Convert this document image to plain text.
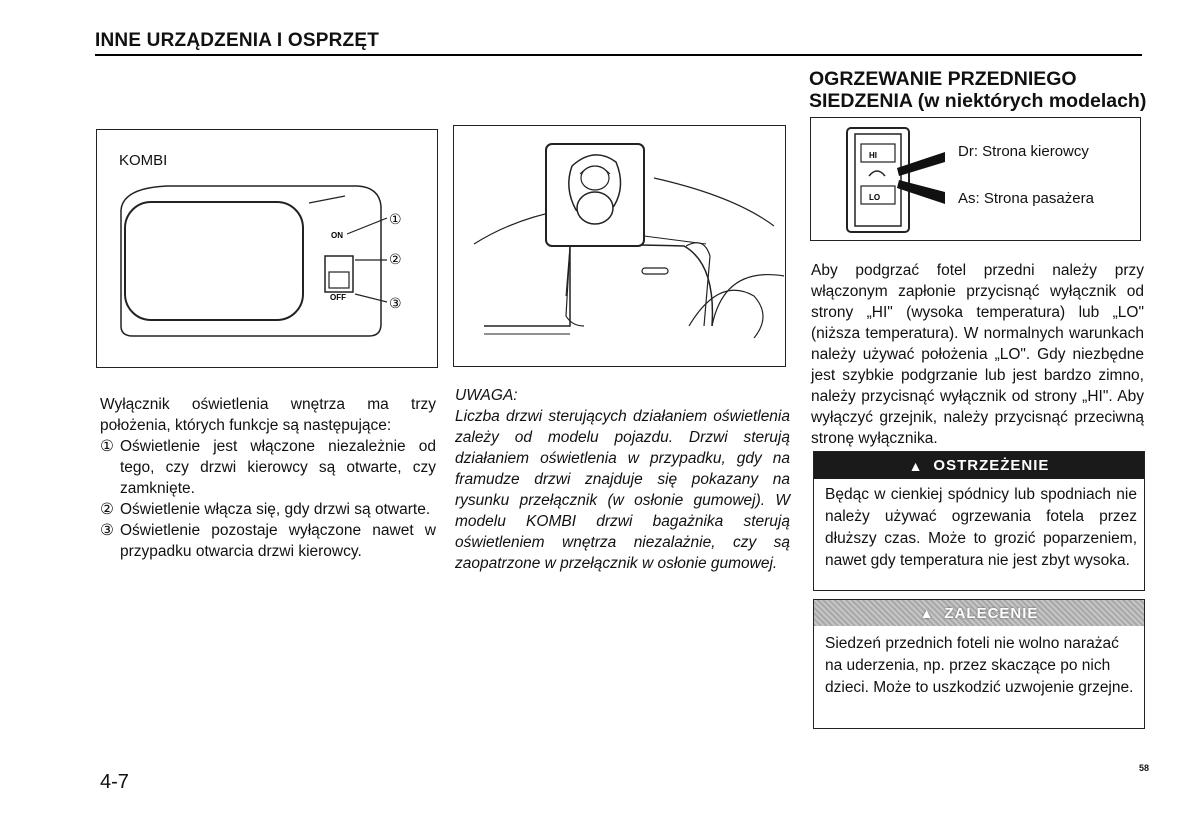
INNE URZĄDZENIA I OSPRZĘT
KOMBI
ON
OFF
①
②
③
Wyłącznik oświetlenia wnętrza ma trzy położenia, których funkcje są następujące:
① Oświetlenie jest włączone niezależnie od tego, czy drzwi kierowcy są otwarte, czy zamknięte.
② Oświetlenie włącza się, gdy drzwi są otwarte.
③ Oświetlenie pozostaje wyłączone nawet w przypadku otwarcia drzwi kierowcy.
UWAGA:
Liczba drzwi sterujących działaniem oświetlenia zależy od modelu pojazdu. Drzwi sterują działaniem oświetlenia w przypadku, gdy na framudze drzwi znajduje się pokazany na rysunku przełącznik (w osłonie gumowej). W modelu KOMBI drzwi bagażnika sterują oświetleniem wnętrza niezalażnie, czy są zaopatrzone w przełącznik w osłonie gumowej.
OGRZEWANIE PRZEDNIEGO
SIEDZENIA (w niektórych modelach)
HI
LO
Dr: Strona kierowcy
As: Strona pasażera
Aby podgrzać fotel przedni należy przy włączonym zapłonie przycisnąć wyłącznik od strony „HI" (wysoka temperatura) lub „LO" (niższa temperatura). W normalnych warunkach należy używać położenia „LO". Gdy niezbędne jest szybkie podgrzanie lub jest bardzo zimno, należy przycisnąć wyłącznik od strony „HI". Aby wyłączyć grzejnik, należy przycisnąć przeciwną stronę wyłącznika.
▲ OSTRZEŻENIE
Będąc w cienkiej spódnicy lub spodniach nie należy używać ogrzewania fotela przez dłuższy czas. Może to grozić poparzeniem, nawet gdy temperatura nie jest zbyt wysoka.
▲ ZALECENIE
Siedzeń przednich foteli nie wolno narażać na uderzenia, np. przez skaczące po nich dzieci. Może to uszkodzić uzwojenie grzejne.
4-7
58
